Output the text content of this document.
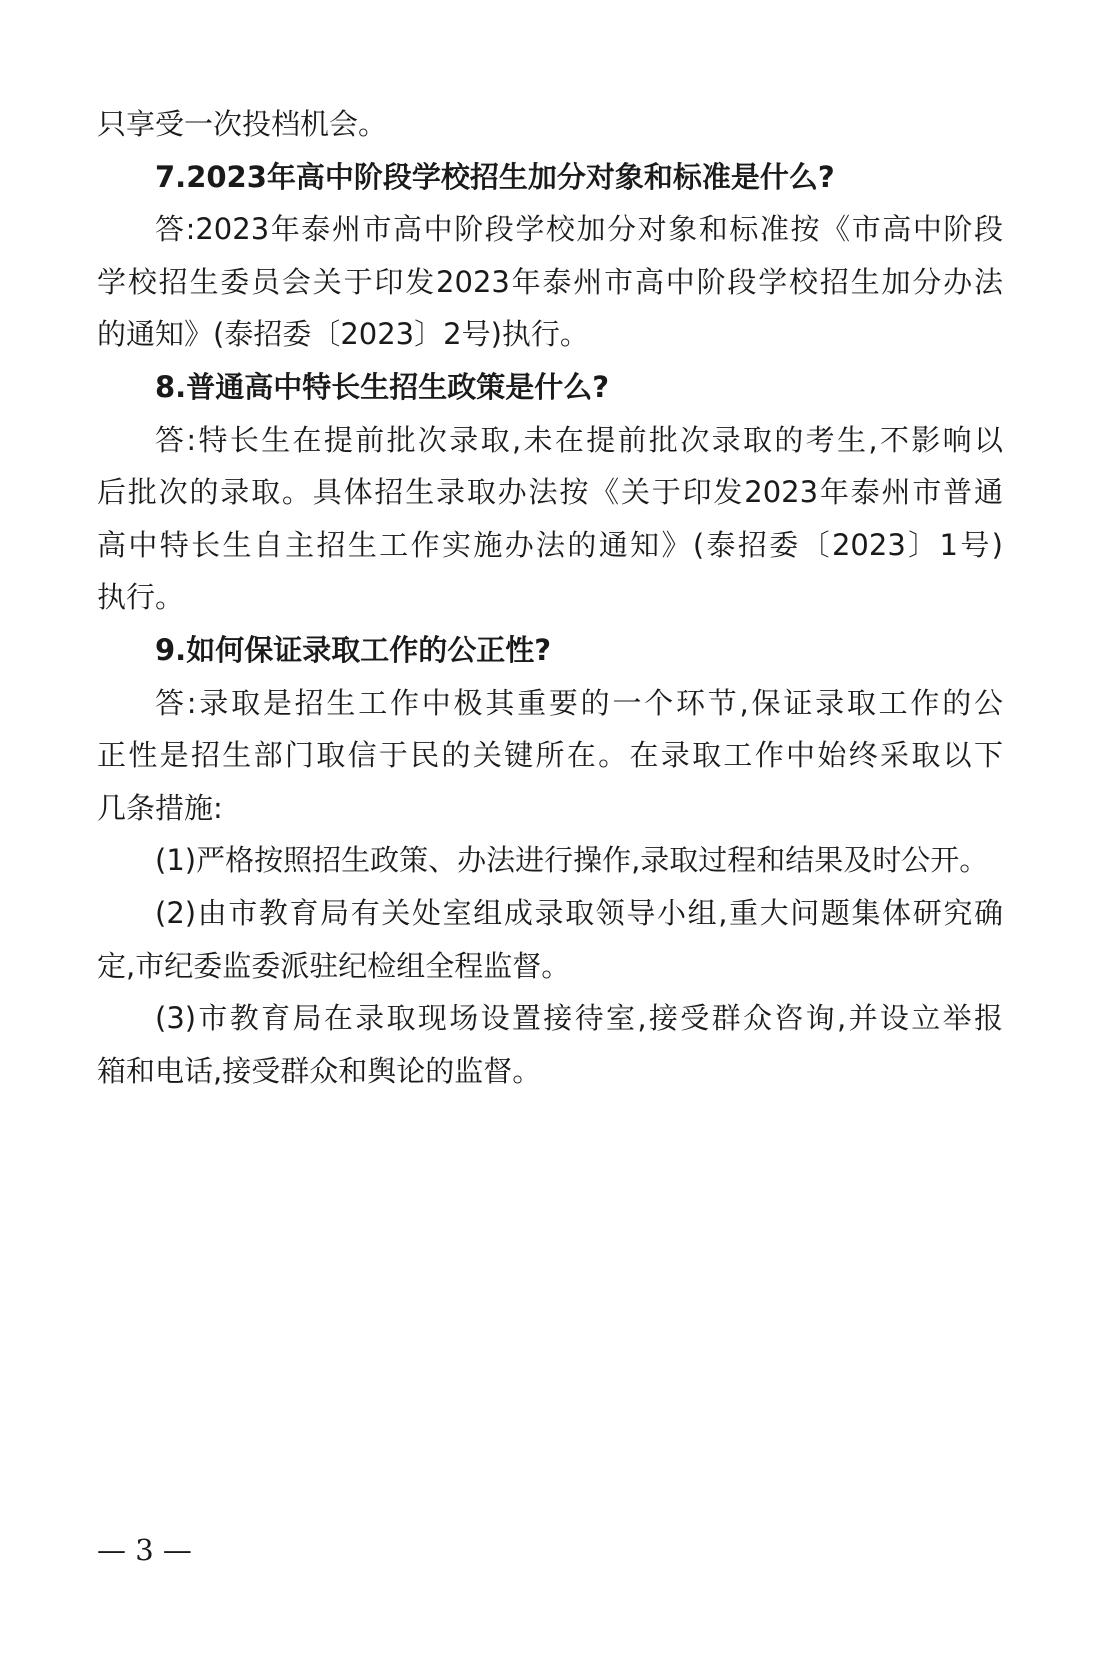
只享受一次投档机会。
7.2023年高中阶段学校招生加分对象和标准是什么?
答:2023年泰州市高中阶段学校加分对象和标准按《市高中阶段
学校招生委员会关于印发2023年泰州市高中阶段学校招生加分办法
的通知》(泰招委〔2023〕2号)执行。
8.普通高中特长生招生政策是什么?
答:特长生在提前批次录取,未在提前批次录取的考生,不影响以
后批次的录取。具体招生录取办法按《关于印发2023年泰州市普通
高中特长生自主招生工作实施办法的通知》(泰招委〔2023〕1号)
执行。
9.如何保证录取工作的公正性?
答:录取是招生工作中极其重要的一个环节,保证录取工作的公
正性是招生部门取信于民的关键所在。在录取工作中始终采取以下
几条措施:
(1)严格按照招生政策、办法进行操作,录取过程和结果及时公开。
(2)由市教育局有关处室组成录取领导小组,重大问题集体研究确
定,市纪委监委派驻纪检组全程监督。
(3)市教育局在录取现场设置接待室,接受群众咨询,并设立举报
箱和电话,接受群众和舆论的监督。
— 3 —
